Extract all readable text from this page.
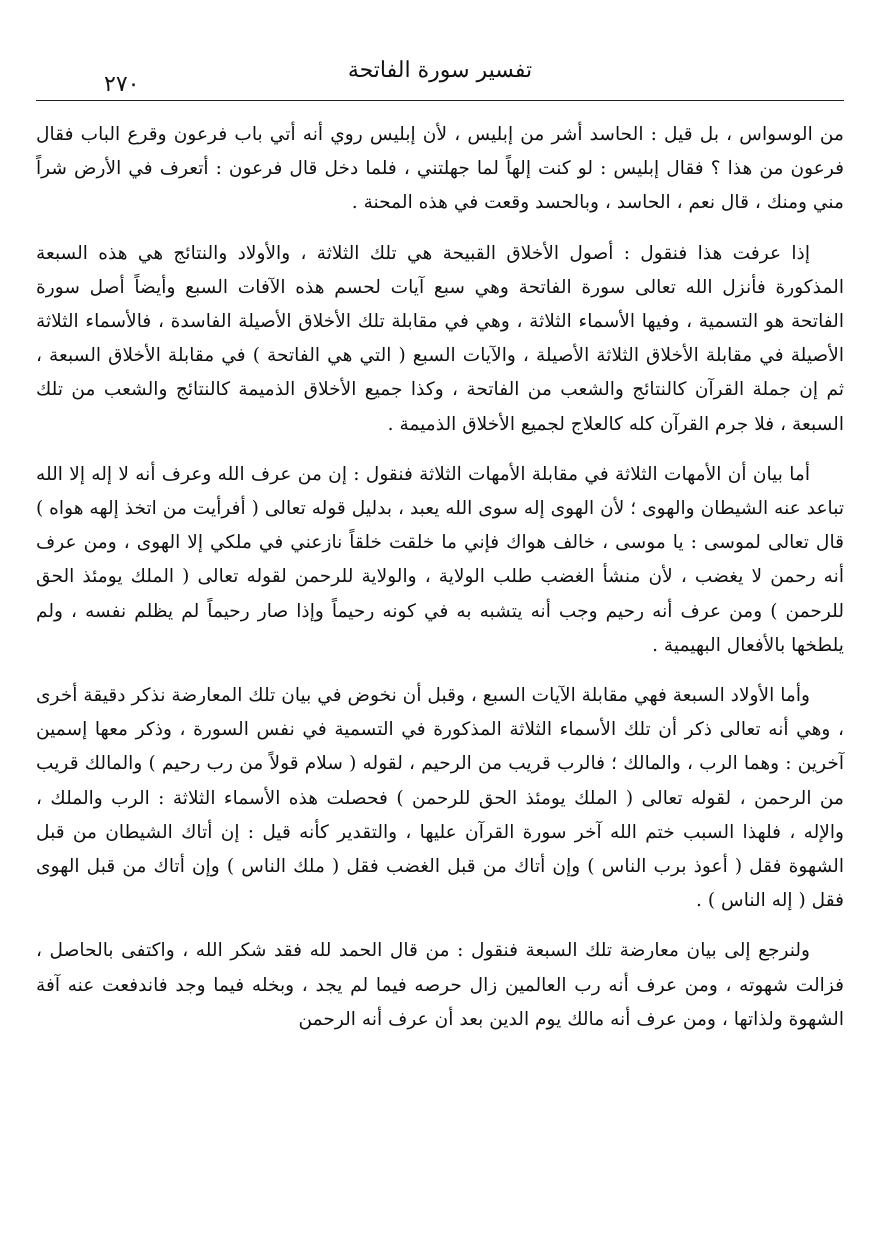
تفسير سورة الفاتحة
٢٧٠

من الوسواس ، بل قيل : الحاسد أشر من إبليس ، لأن إبليس روي أنه أتي باب فرعون وقرع الباب فقال فرعون من هذا ؟ فقال إبليس : لو كنت إلهاً لما جهلتني ، فلما دخل قال فرعون : أتعرف في الأرض شراً مني ومنك ، قال نعم ، الحاسد ، وبالحسد وقعت في هذه المحنة .

إذا عرفت هذا فنقول : أصول الأخلاق القبيحة هي تلك الثلاثة ، والأولاد والنتائج هي هذه السبعة المذكورة فأنزل الله تعالى سورة الفاتحة وهي سبع آيات لحسم هذه الآفات السبع وأيضاً أصل سورة الفاتحة هو التسمية ، وفيها الأسماء الثلاثة ، وهي في مقابلة تلك الأخلاق الأصيلة الفاسدة ، فالأسماء الثلاثة الأصيلة في مقابلة الأخلاق الثلاثة الأصيلة ، والآيات السبع ( التي هي الفاتحة ) في مقابلة الأخلاق السبعة ، ثم إن جملة القرآن كالنتائج والشعب من الفاتحة ، وكذا جميع الأخلاق الذميمة كالنتائج والشعب من تلك السبعة ، فلا جرم القرآن كله كالعلاج لجميع الأخلاق الذميمة .

أما بيان أن الأمهات الثلاثة في مقابلة الأمهات الثلاثة فنقول : إن من عرف الله وعرف أنه لا إله إلا الله تباعد عنه الشيطان والهوى ؛ لأن الهوى إله سوى الله يعبد ، بدليل قوله تعالى ( أفرأيت من اتخذ إلهه هواه ) قال تعالى لموسى : يا موسى ، خالف هواك فإني ما خلقت خلقاً نازعني في ملكي إلا الهوى ، ومن عرف أنه رحمن لا يغضب ، لأن منشأ الغضب طلب الولاية ، والولاية للرحمن لقوله تعالى ( الملك يومئذ الحق للرحمن ) ومن عرف أنه رحيم وجب أنه يتشبه به في كونه رحيماً وإذا صار رحيماً لم يظلم نفسه ، ولم يلطخها بالأفعال البهيمية .

وأما الأولاد السبعة فهي مقابلة الآيات السبع ، وقبل أن نخوض في بيان تلك المعارضة نذكر دقيقة أخرى ، وهي أنه تعالى ذكر أن تلك الأسماء الثلاثة المذكورة في التسمية في نفس السورة ، وذكر معها إسمين آخرين : وهما الرب ، والمالك ؛ فالرب قريب من الرحيم ، لقوله ( سلام قولاً من رب رحيم ) والمالك قريب من الرحمن ، لقوله تعالى ( الملك يومئذ الحق للرحمن ) فحصلت هذه الأسماء الثلاثة : الرب والملك ، والإله ، فلهذا السبب ختم الله آخر سورة القرآن عليها ، والتقدير كأنه قيل : إن أتاك الشيطان من قبل الشهوة فقل ( أعوذ برب الناس ) وإن أتاك من قبل الغضب فقل ( ملك الناس ) وإن أتاك من قبل الهوى فقل ( إله الناس ) .

ولنرجع إلى بيان معارضة تلك السبعة فنقول : من قال الحمد لله فقد شكر الله ، واكتفى بالحاصل ، فزالت شهوته ، ومن عرف أنه رب العالمين زال حرصه فيما لم يجد ، وبخله فيما وجد فاندفعت عنه آفة الشهوة ولذاتها ، ومن عرف أنه مالك يوم الدين بعد أن عرف أنه الرحمن
